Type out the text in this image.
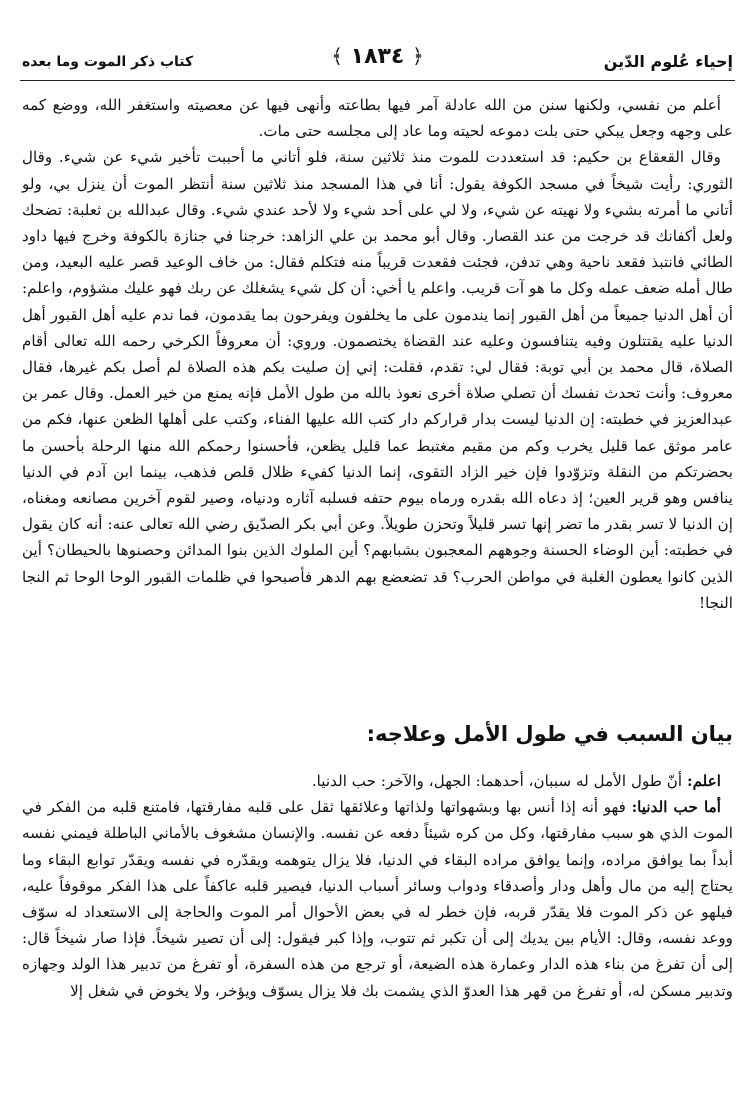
إحياء عُلوم الدّين
﴿ ١٨٣٤ ﴾
كتاب ذكر الموت وما بعده

أعلم من نفسي، ولكنها سنن من الله عادلة آمر فيها بطاعته وأنهى فيها عن معصيته واستغفر الله، ووضع كمه على وجهه وجعل يبكي حتى بلت دموعه لحيته وما عاد إلى مجلسه حتى مات.

وقال القعقاع بن حكيم: قد استعددت للموت منذ ثلاثين سنة، فلو أتاني ما أحببت تأخير شيء عن شيء. وقال الثوري: رأيت شيخاً في مسجد الكوفة يقول: أنا في هذا المسجد منذ ثلاثين سنة أنتظر الموت أن ينزل بي، ولو أتاني ما أمرته بشيء ولا نهيته عن شيء، ولا لي على أحد شيء ولا لأحد عندي شيء. وقال عبدالله بن ثعلبة: تضحك ولعل أكفانك قد خرجت من عند القصار. وقال أبو محمد بن علي الزاهد: خرجنا في جنازة بالكوفة وخرج فيها داود الطائي فانتبذ فقعد ناحية وهي تدفن، فجئت فقعدت قريباً منه فتكلم فقال: من خاف الوعيد قصر عليه البعيد، ومن طال أمله ضعف عمله وكل ما هو آت قريب. واعلم يا أخي: أن كل شيء يشغلك عن ربك فهو عليك مشؤوم، واعلم: أن أهل الدنيا جميعاً من أهل القبور إنما يندمون على ما يخلفون ويفرحون بما يقدمون، فما ندم عليه أهل القبور أهل الدنيا عليه يقتتلون وفيه يتنافسون وعليه عند القضاة يختصمون. وروي: أن معروفاً الكرخي رحمه الله تعالى أقام الصلاة، قال محمد بن أبي توبة: فقال لي: تقدم، فقلت: إني إن صليت بكم هذه الصلاة لم أصل بكم غيرها، فقال معروف: وأنت تحدث نفسك أن تصلي صلاة أخرى نعوذ بالله من طول الأمل فإنه يمنع من خير العمل. وقال عمر بن عبدالعزيز في خطبته: إن الدنيا ليست بدار قراركم دار كتب الله عليها الفناء، وكتب على أهلها الظعن عنها، فكم من عامر موثق عما قليل يخرب وكم من مقيم مغتبط عما قليل يظعن، فأحسنوا رحمكم الله منها الرحلة بأحسن ما بحضرتكم من النقلة وتزوّدوا فإن خير الزاد التقوى، إنما الدنيا كفيء ظلال قلص فذهب، بينما ابن آدم في الدنيا ينافس وهو قرير العين؛ إذ دعاه الله بقدره ورماه بيوم حتفه فسلبه آثاره ودنياه، وصير لقوم آخرين مصانعه ومغناه، إن الدنيا لا تسر بقدر ما تضر إنها تسر قليلاً وتحزن طويلاً. وعن أبي بكر الصدّيق رضي الله تعالى عنه: أنه كان يقول في خطبته: أين الوضاء الحسنة وجوههم المعجبون بشبابهم؟ أين الملوك الذين بنوا المدائن وحصنوها بالحيطان؟ أين الذين كانوا يعطون الغلبة في مواطن الحرب؟ قد تضعضع بهم الدهر فأصبحوا في ظلمات القبور الوحا الوحا ثم النجا النجا!

بيان السبب في طول الأمل وعلاجه:

اعلم: أنّ طول الأمل له سببان، أحدهما: الجهل، والآخر: حب الدنيا.

أما حب الدنيا: فهو أنه إذا أنس بها وبشهواتها ولذاتها وعلائقها ثقل على قلبه مفارقتها، فامتنع قلبه من الفكر في الموت الذي هو سبب مفارقتها، وكل من كره شيئاً دفعه عن نفسه. والإنسان مشغوف بالأماني الباطلة فيمني نفسه أبداً بما يوافق مراده، وإنما يوافق مراده البقاء في الدنيا، فلا يزال يتوهمه ويقدّره في نفسه ويقدّر توابع البقاء وما يحتاج إليه من مال وأهل ودار وأصدقاء ودواب وسائر أسباب الدنيا، فيصير قلبه عاكفاً على هذا الفكر موقوفاً عليه، فيلهو عن ذكر الموت فلا يقدّر قربه، فإن خطر له في بعض الأحوال أمر الموت والحاجة إلى الاستعداد له سوّف ووعد نفسه، وقال: الأيام بين يديك إلى أن تكبر ثم تتوب، وإذا كبر فيقول: إلى أن تصير شيخاً. فإذا صار شيخاً قال: إلى أن تفرغ من بناء هذه الدار وعمارة هذه الضيعة، أو ترجع من هذه السفرة، أو تفرغ من تدبير هذا الولد وجهازه وتدبير مسكن له، أو تفرغ من قهر هذا العدوّ الذي يشمت بك فلا يزال يسوّف ويؤخر، ولا يخوض في شغل إلا
